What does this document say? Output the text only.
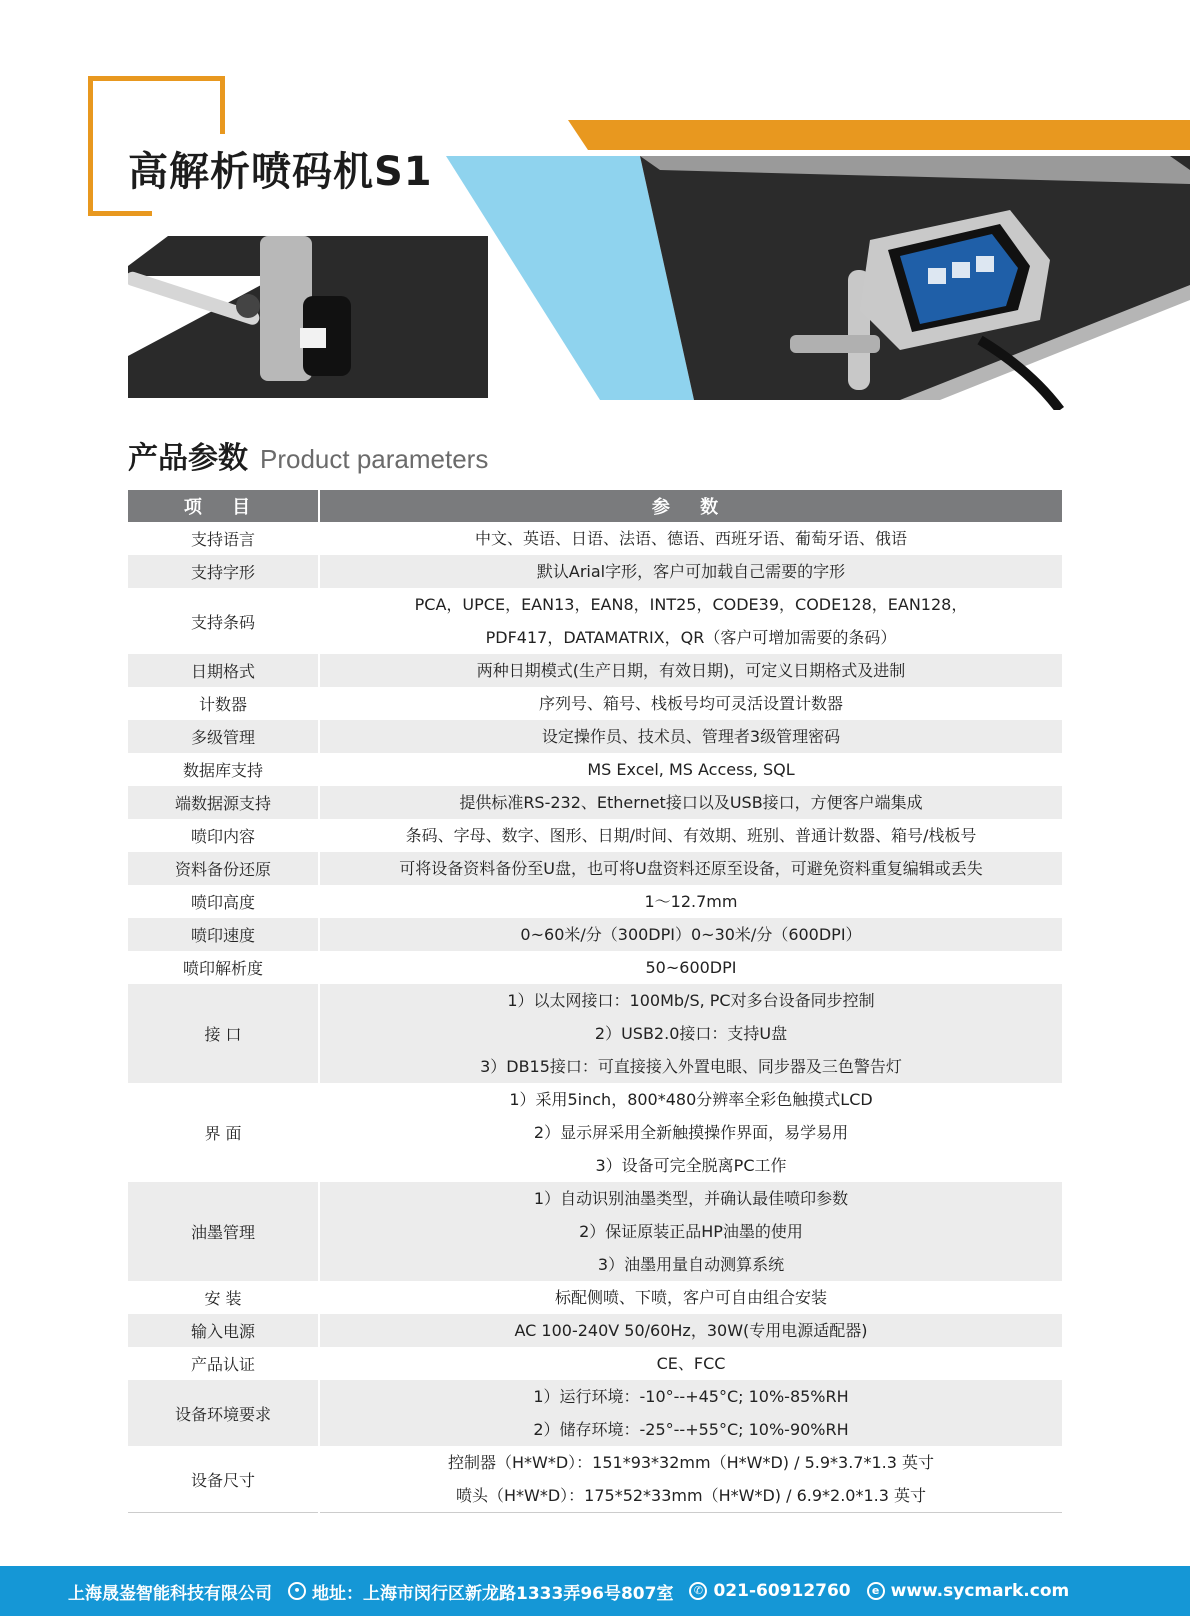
高解析喷码机S1
产品参数 Product parameters
项 目	参 数
支持语言	中文、英语、日语、法语、德语、西班牙语、葡萄牙语、俄语

支持字形	默认Arial字形，客户可加载自己需要的字形

支持条码	PCA，UPCE，EAN13，EAN8，INT25，CODE39，CODE128，EAN128，
PDF417，DATAMATRIX，QR（客户可增加需要的条码）

日期格式	两种日期模式(生产日期，有效日期)，可定义日期格式及进制

计数器	序列号、箱号、栈板号均可灵活设置计数器

多级管理	设定操作员、技术员、管理者3级管理密码

数据库支持	MS Excel, MS Access, SQL

端数据源支持	提供标准RS-232、Ethernet接口以及USB接口，方便客户端集成

喷印内容	条码、字母、数字、图形、日期/时间、有效期、班别、普通计数器、箱号/栈板号

资料备份还原	可将设备资料备份至U盘，也可将U盘资料还原至设备，可避免资料重复编辑或丢失

喷印高度	1～12.7mm

喷印速度	0~60米/分（300DPI）0~30米/分（600DPI）

喷印解析度	50~600DPI

接 口	1）以太网接口：100Mb/S, PC对多台设备同步控制
2）USB2.0接口：支持U盘
3）DB15接口：可直接接入外置电眼、同步器及三色警告灯

界 面	1）采用5inch，800*480分辨率全彩色触摸式LCD
2）显示屏采用全新触摸操作界面，易学易用
3）设备可完全脱离PC工作

油墨管理	1）自动识别油墨类型，并确认最佳喷印参数
2）保证原装正品HP油墨的使用
3）油墨用量自动测算系统

安 装	标配侧喷、下喷，客户可自由组合安装

输入电源	AC 100-240V 50/60Hz，30W(专用电源适配器)

产品认证	CE、FCC

设备环境要求	1）运行环境：-10°--+45°C; 10%-85%RH
2）储存环境：-25°--+55°C; 10%-90%RH

设备尺寸	控制器（H*W*D）：151*93*32mm（H*W*D) / 5.9*3.7*1.3 英寸
喷头（H*W*D）：175*52*33mm（H*W*D) / 6.9*2.0*1.3 英寸
上海晟崟智能科技有限公司	• 地址：上海市闵行区新龙路1333弄96号807室	✆ 021-60912760	e www.sycmark.com
